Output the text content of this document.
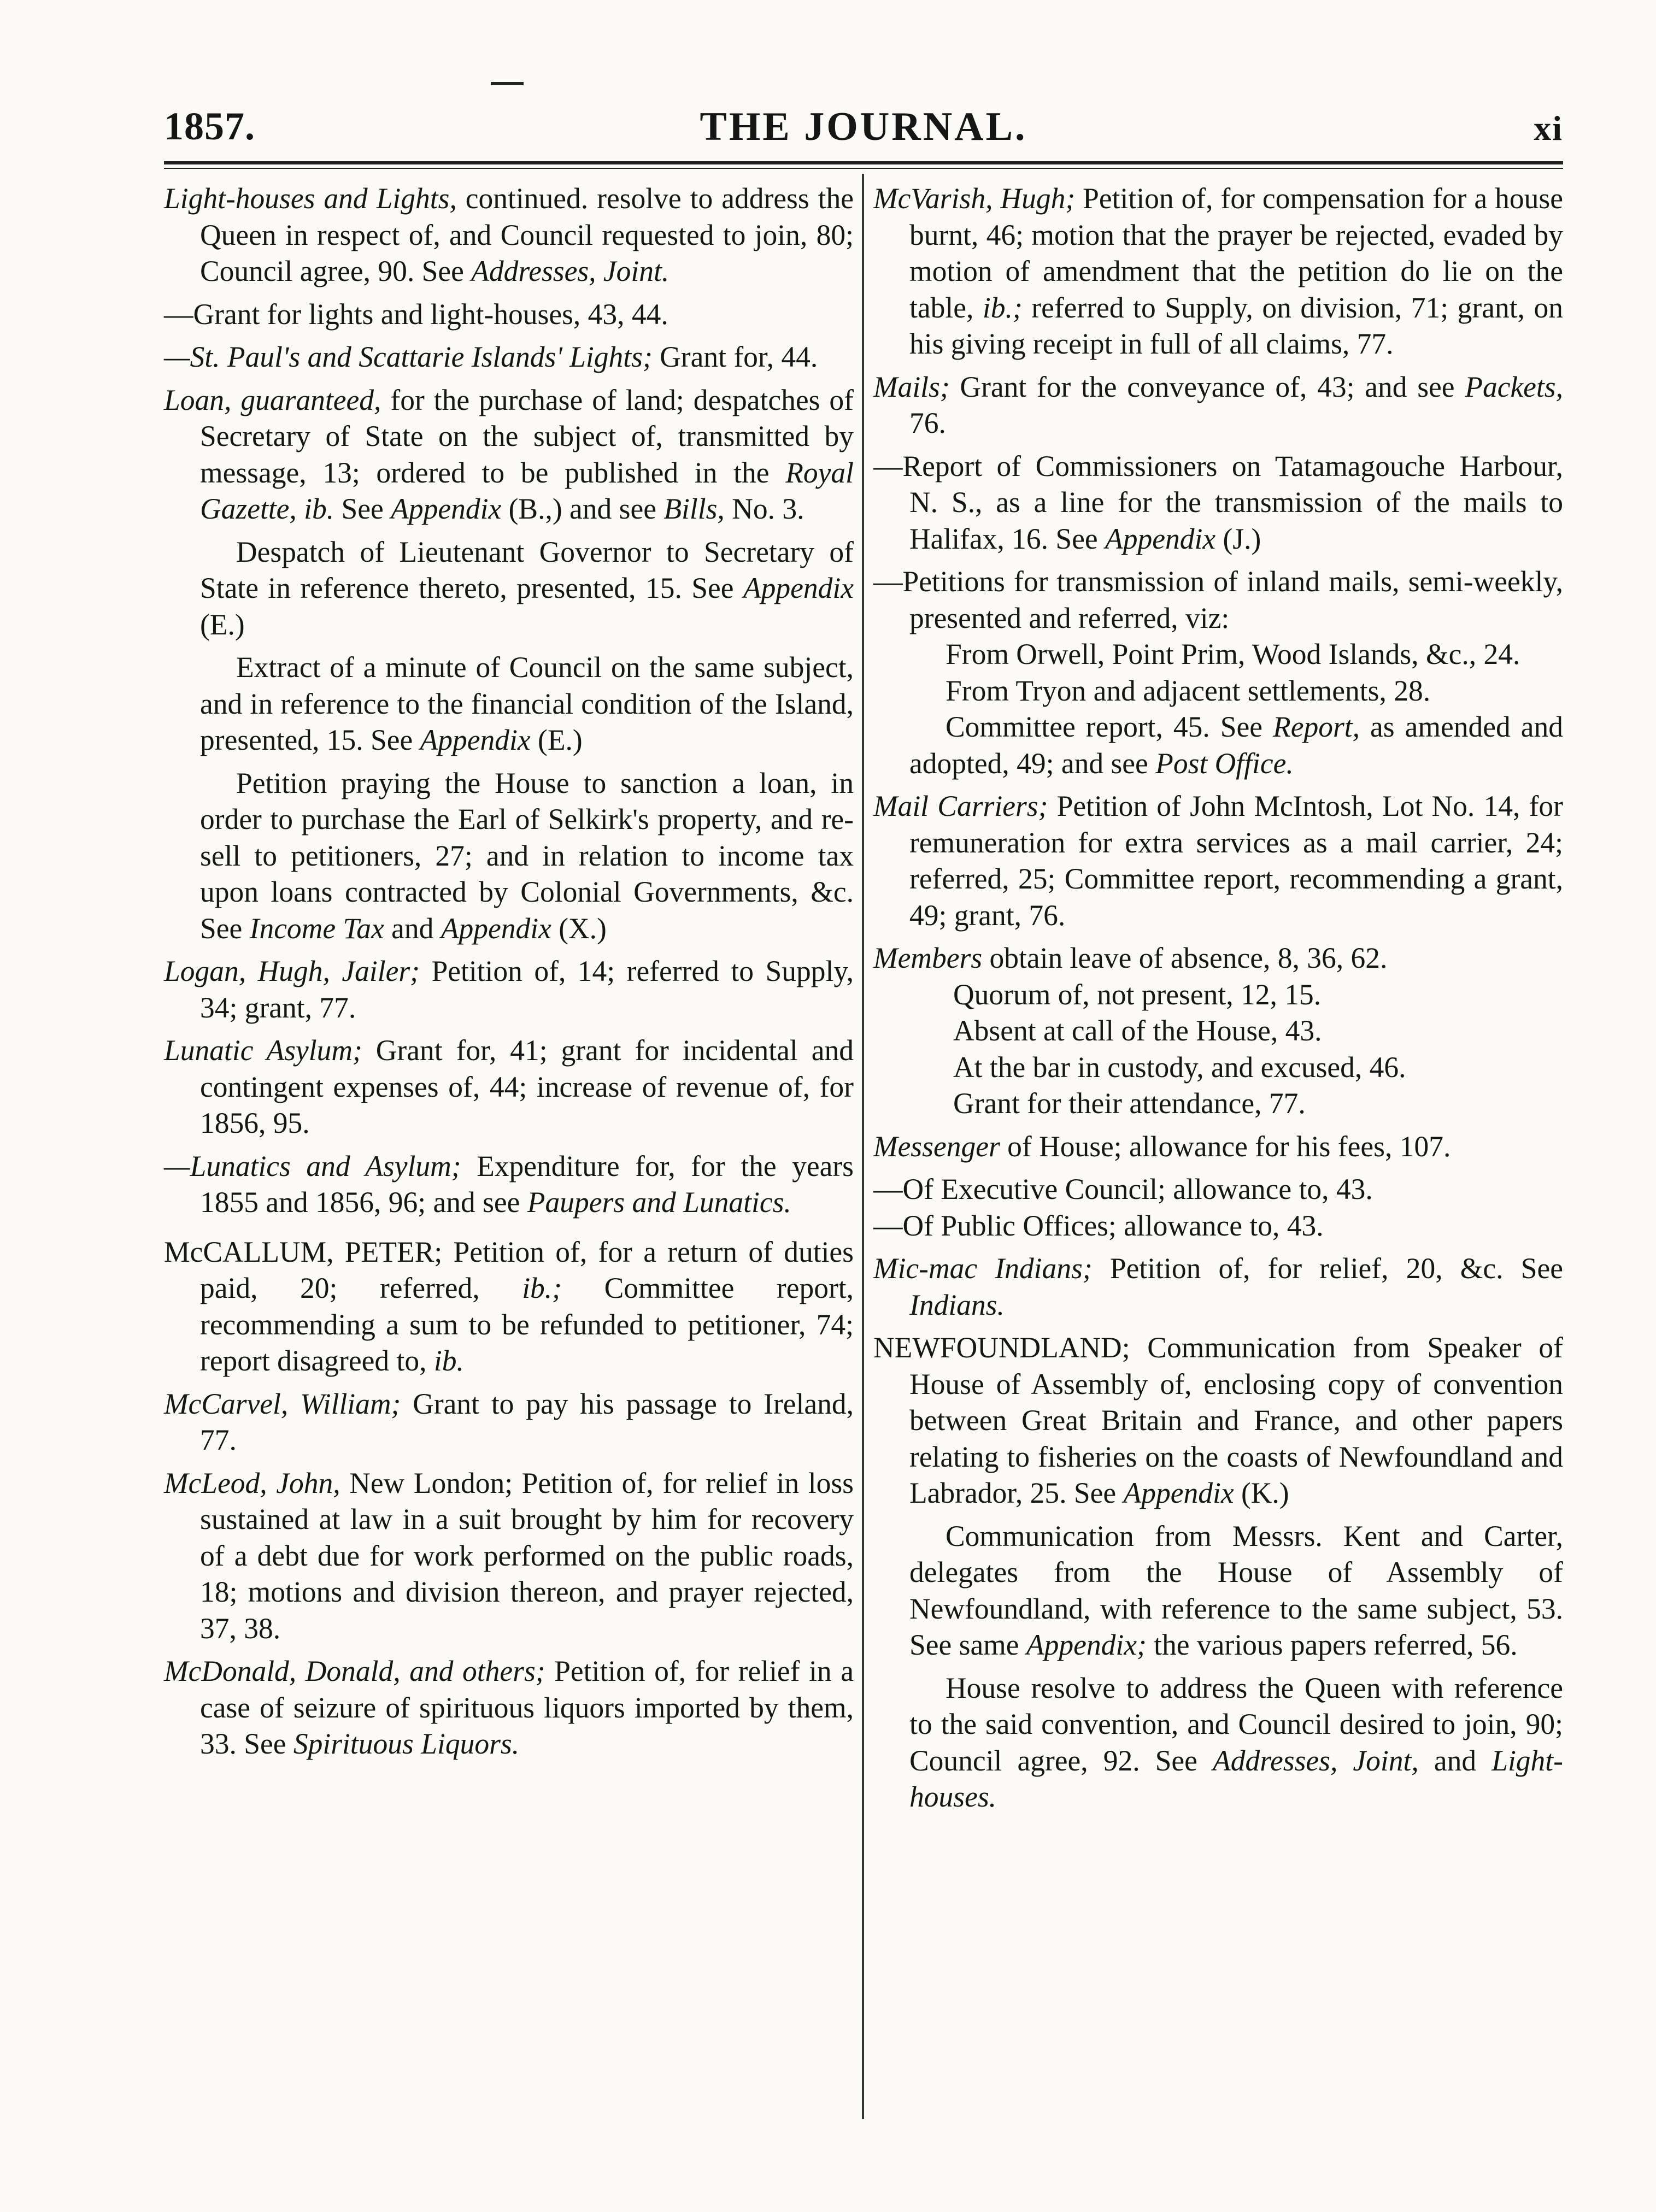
1857.	THE JOURNAL.	xi

Light-houses and Lights, continued. resolve to address the Queen in respect of, and Council requested to join, 80; Council agree, 90. See Addresses, Joint.

—Grant for lights and light-houses, 43, 44.

—St. Paul's and Scattarie Islands' Lights; Grant for, 44.

Loan, guaranteed, for the purchase of land; despatches of Secretary of State on the subject of, transmitted by message, 13; ordered to be published in the Royal Gazette, ib. See Appendix (B.,) and see Bills, No. 3.

Despatch of Lieutenant Governor to Secretary of State in reference thereto, presented, 15. See Appendix (E.)

Extract of a minute of Council on the same subject, and in reference to the financial condition of the Island, presented, 15. See Appendix (E.)

Petition praying the House to sanction a loan, in order to purchase the Earl of Selkirk's property, and re-sell to petitioners, 27; and in relation to income tax upon loans contracted by Colonial Governments, &c. See Income Tax and Appendix (X.)

Logan, Hugh, Jailer; Petition of, 14; referred to Supply, 34; grant, 77.

Lunatic Asylum; Grant for, 41; grant for incidental and contingent expenses of, 44; increase of revenue of, for 1856, 95.

—Lunatics and Asylum; Expenditure for, for the years 1855 and 1856, 96; and see Paupers and Lunatics.

McCALLUM, PETER; Petition of, for a return of duties paid, 20; referred, ib.; Committee report, recommending a sum to be refunded to petitioner, 74; report disagreed to, ib.

McCarvel, William; Grant to pay his passage to Ireland, 77.

McLeod, John, New London; Petition of, for relief in loss sustained at law in a suit brought by him for recovery of a debt due for work performed on the public roads, 18; motions and division thereon, and prayer rejected, 37, 38.

McDonald, Donald, and others; Petition of, for relief in a case of seizure of spirituous liquors imported by them, 33. See Spirituous Liquors.

McVarish, Hugh; Petition of, for compensation for a house burnt, 46; motion that the prayer be rejected, evaded by motion of amendment that the petition do lie on the table, ib.; referred to Supply, on division, 71; grant, on his giving receipt in full of all claims, 77.

Mails; Grant for the conveyance of, 43; and see Packets, 76.

—Report of Commissioners on Tatamagouche Harbour, N. S., as a line for the transmission of the mails to Halifax, 16. See Appendix (J.)

—Petitions for transmission of inland mails, semi-weekly, presented and referred, viz:

From Orwell, Point Prim, Wood Islands, &c., 24.

From Tryon and adjacent settlements, 28.

Committee report, 45. See Report, as amended and adopted, 49; and see Post Office.

Mail Carriers; Petition of John McIntosh, Lot No. 14, for remuneration for extra services as a mail carrier, 24; referred, 25; Committee report, recommending a grant, 49; grant, 76.

Members obtain leave of absence, 8, 36, 62.

Quorum of, not present, 12, 15.

Absent at call of the House, 43.

At the bar in custody, and excused, 46.

Grant for their attendance, 77.

Messenger of House; allowance for his fees, 107.

—Of Executive Council; allowance to, 43.

—Of Public Offices; allowance to, 43.

Mic-mac Indians; Petition of, for relief, 20, &c. See Indians.

NEWFOUNDLAND; Communication from Speaker of House of Assembly of, enclosing copy of convention between Great Britain and France, and other papers relating to fisheries on the coasts of Newfoundland and Labrador, 25. See Appendix (K.)

Communication from Messrs. Kent and Carter, delegates from the House of Assembly of Newfoundland, with reference to the same subject, 53. See same Appendix; the various papers referred, 56.

House resolve to address the Queen with reference to the said convention, and Council desired to join, 90; Council agree, 92. See Addresses, Joint, and Light-houses.
